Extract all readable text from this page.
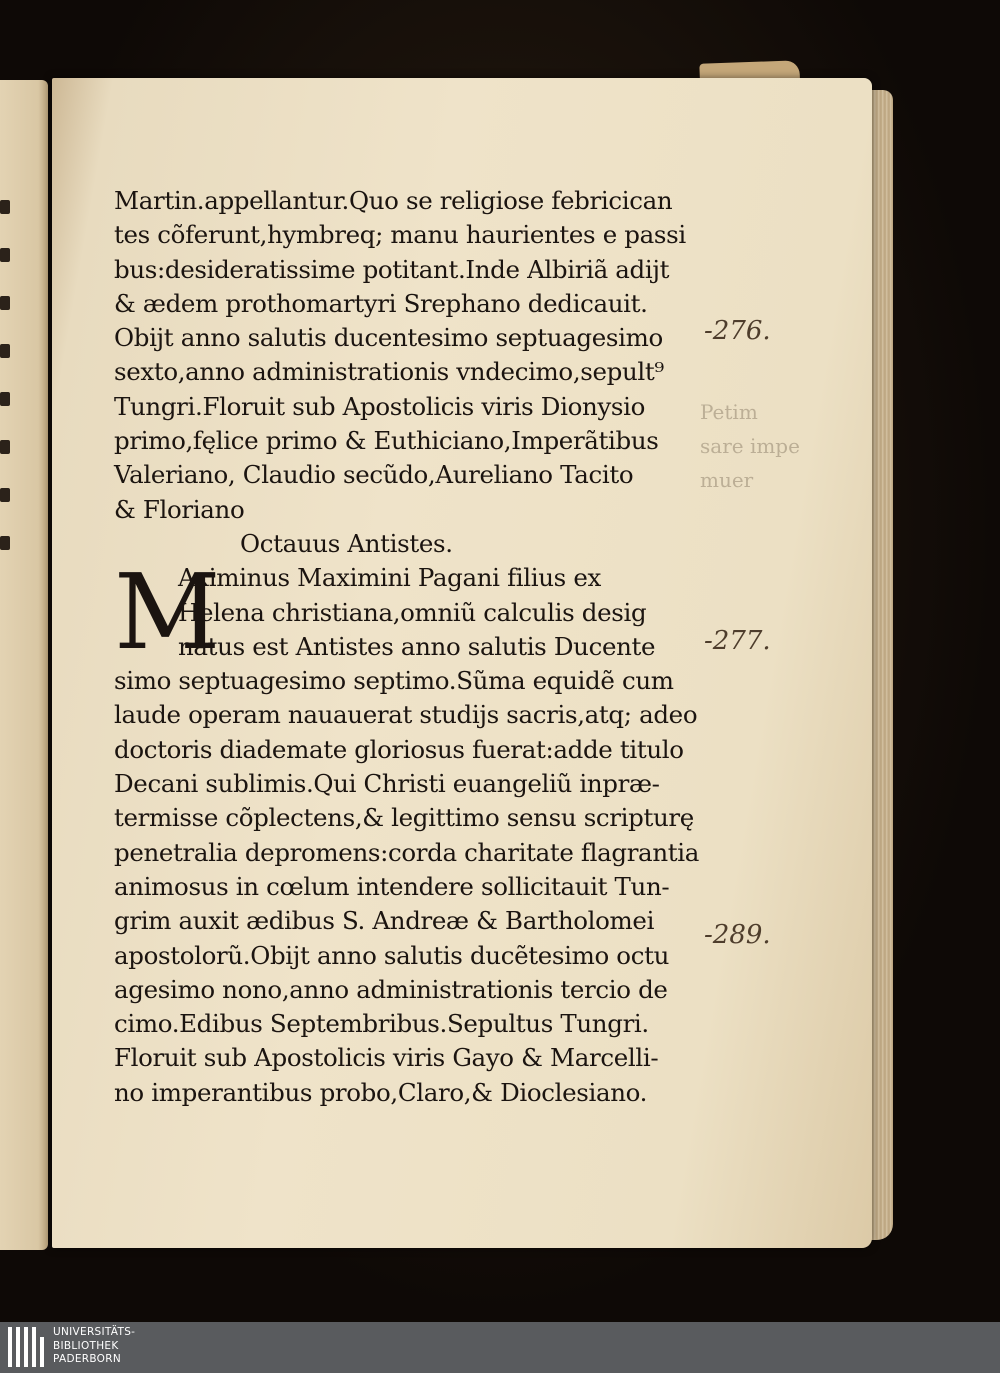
Martin.appellantur.Quo se religiose febricican
tes cõferunt,hymbreq; manu haurientes e passi
bus:desideratissime potitant.Inde Albiriã adijt
& ædem prothomartyri Srephano dedicauit.
Obijt anno salutis ducentesimo septuagesimo
sexto,anno administrationis vndecimo,sepult⁹
Tungri.Floruit sub Apostolicis viris Dionysio
primo,fęlice primo & Euthiciano,Imperãtibus
Valeriano, Claudio secũdo,Aureliano Tacito
& Floriano
Octauus Antistes.
M
Aximinus Maximini Pagani filius ex
Helena christiana,omniũ calculis desig
natus est Antistes anno salutis Ducente
simo septuagesimo septimo.Sũma equidẽ cum
laude operam nauauerat studijs sacris,atq; adeo
doctoris diademate gloriosus fuerat:adde titulo
Decani sublimis.Qui Christi euangeliũ inpræ-
termisse cõplectens,& legittimo sensu scripturę
penetralia depromens:corda charitate flagrantia
animosus in cœlum intendere sollicitauit Tun-
grim auxit ædibus S. Andreæ & Bartholomei
apostolorũ.Obijt anno salutis ducẽtesimo octu
agesimo nono,anno administrationis tercio de
cimo.Edibus Septembribus.Sepultus Tungri.
Floruit sub Apostolicis viris Gayo & Marcelli-
no imperantibus probo,Claro,& Dioclesiano.
Petim
sare impe
muer
-276.
-277.
-289.
UNIVERSITÄTS-
BIBLIOTHEK
PADERBORN
